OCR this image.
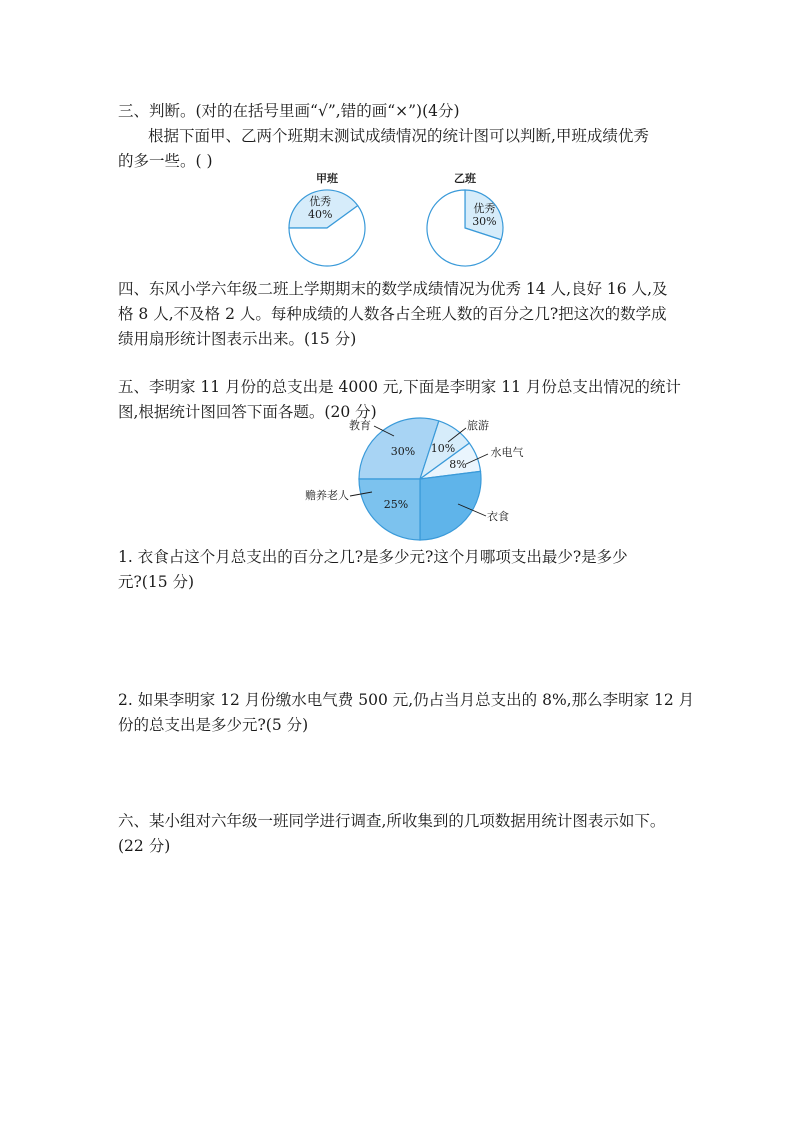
三、判断。(对的在括号里画“√”,错的画“×”)(4分)
根据下面甲、乙两个班期末测试成绩情况的统计图可以判断,甲班成绩优秀
的多一些。( )
甲班
优秀
40%
乙班
优秀
30%
四、东风小学六年级二班上学期期末的数学成绩情况为优秀 14 人,良好 16 人,及
格 8 人,不及格 2 人。每种成绩的人数各占全班人数的百分之几?把这次的数学成
绩用扇形统计图表示出来。(15 分)
五、李明家 11 月份的总支出是 4000 元,下面是李明家 11 月份总支出情况的统计
图,根据统计图回答下面各题。(20 分)
30% 10%
8%
25%
教育	旅游
水电气
衣食
赡养老人
1. 衣食占这个月总支出的百分之几?是多少元?这个月哪项支出最少?是多少
元?(15 分)
2. 如果李明家 12 月份缴水电气费 500 元,仍占当月总支出的 8%,那么李明家 12 月
份的总支出是多少元?(5 分)
六、某小组对六年级一班同学进行调查,所收集到的几项数据用统计图表示如下。
(22 分)
